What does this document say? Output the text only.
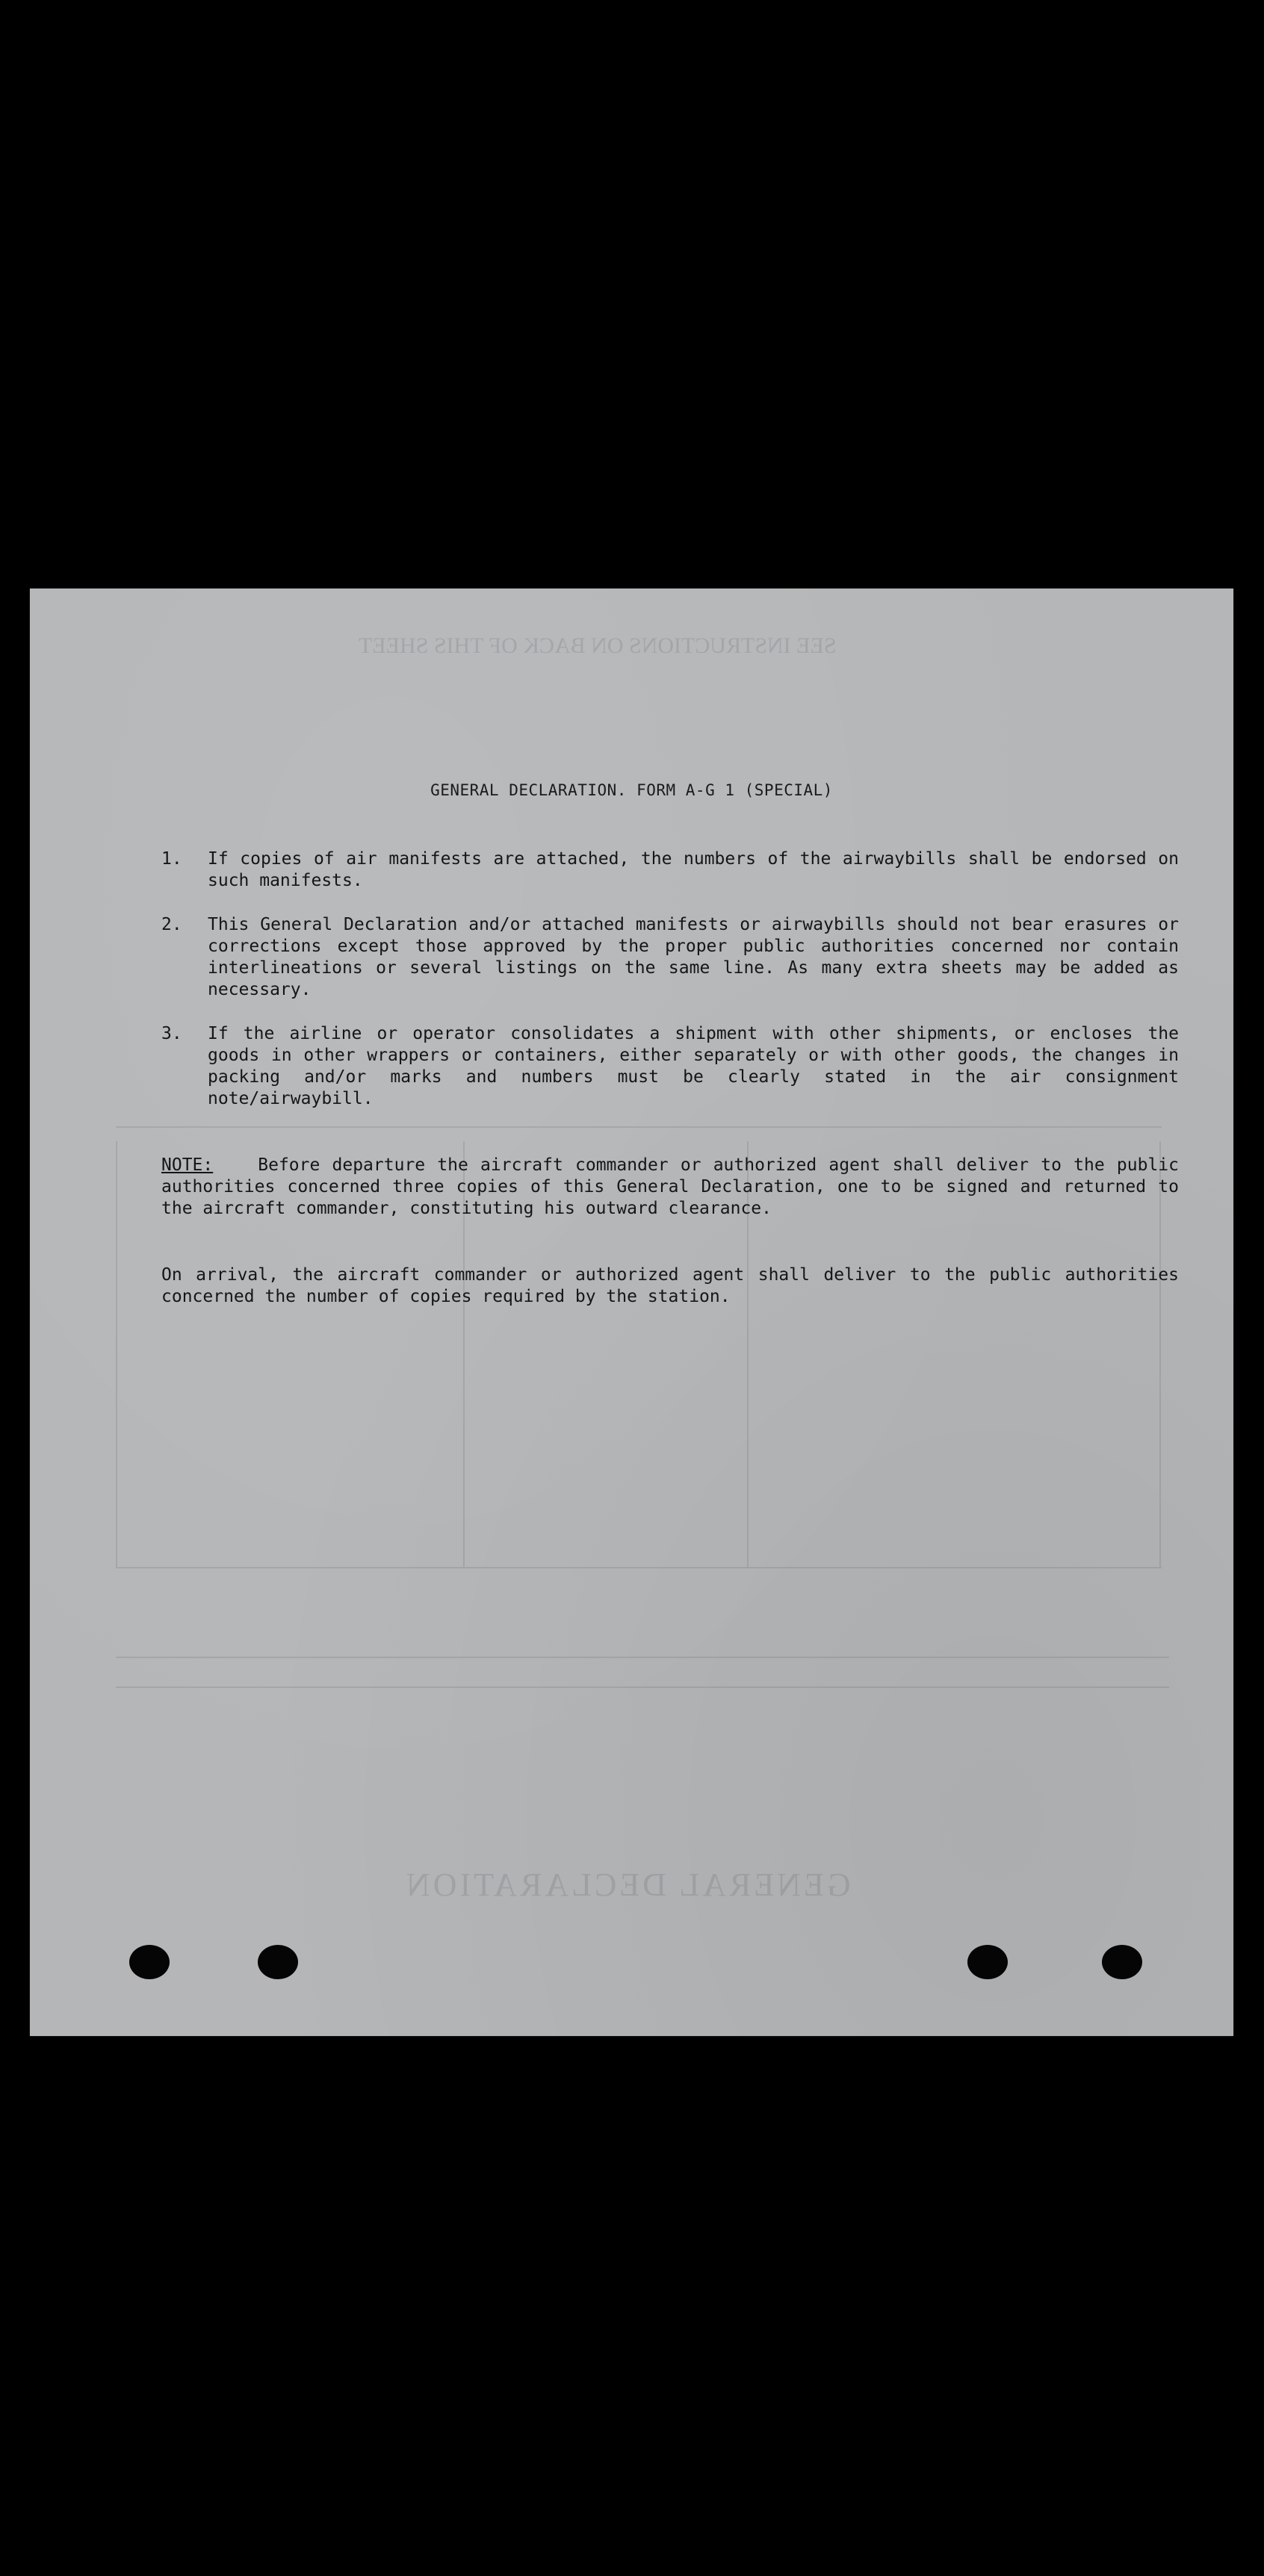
SEE INSTRUCTIONS ON BACK OF THIS SHEET
GENERAL DECLARATION
GENERAL DECLARATION. FORM A-G 1 (SPECIAL)
1. If copies of air manifests are attached, the numbers of the airwaybills shall be endorsed on such manifests.
2. This General Declaration and/or attached manifests or airwaybills should not bear erasures or corrections except those approved by the proper public authorities concerned nor contain interlineations or several listings on the same line. As many extra sheets may be added as necessary.
3. If the airline or operator consolidates a shipment with other shipments, or encloses the goods in other wrappers or containers, either separately or with other goods, the changes in packing and/or marks and numbers must be clearly stated in the air consignment note/airwaybill.
NOTE:	Before departure the aircraft commander or authorized agent shall deliver to the public authorities concerned three copies of this General Declaration, one to be signed and returned to the aircraft commander, constituting his outward clearance.
On arrival, the aircraft commander or authorized agent shall deliver to the public authorities concerned the number of copies required by the station.
